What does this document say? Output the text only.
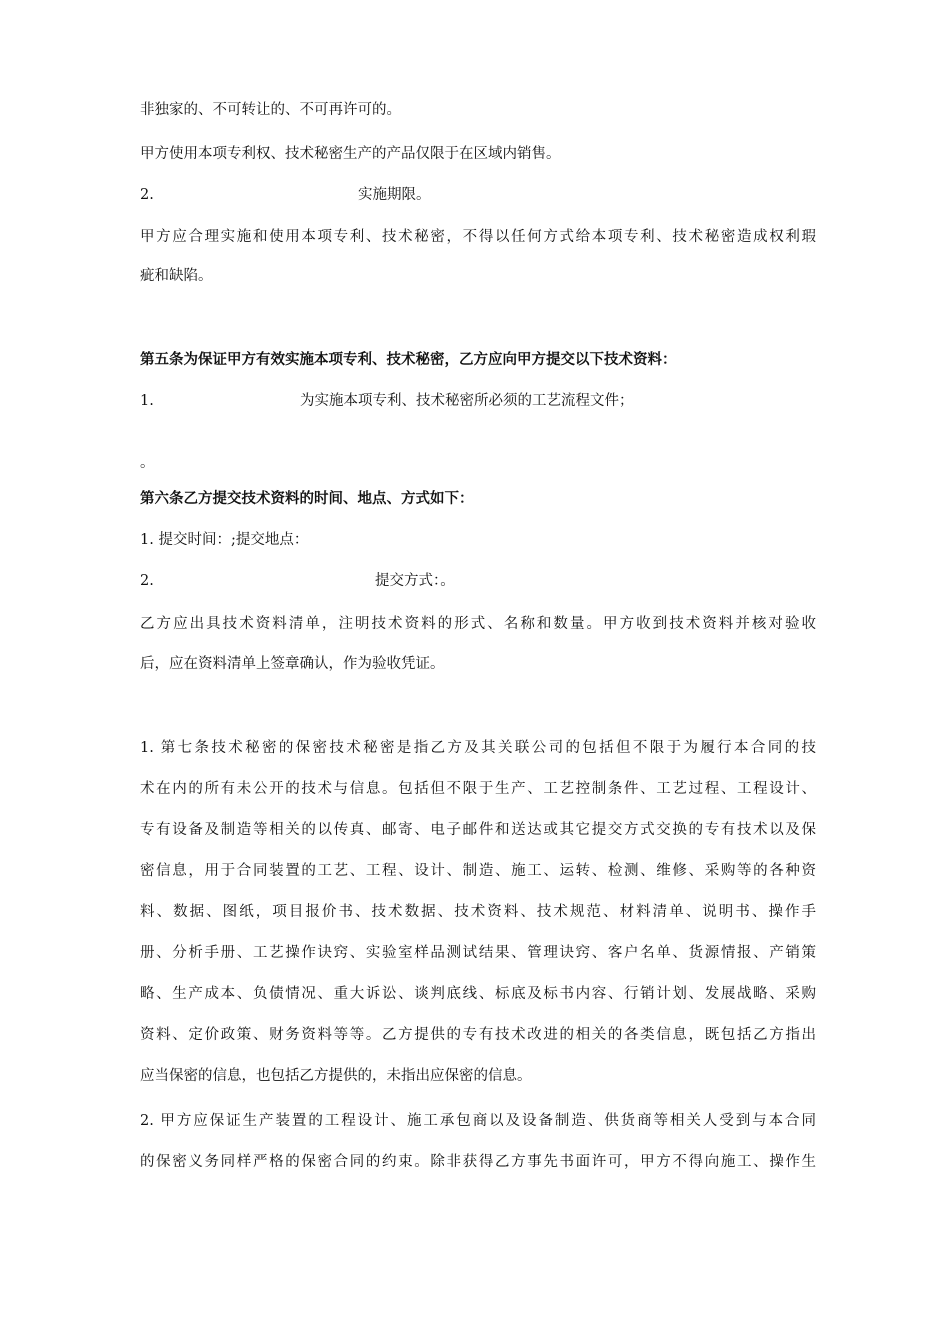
非独家的、不可转让的、不可再许可的。
甲方使用本项专利权、技术秘密生产的产品仅限于在区域内销售。
2.	实施期限。
甲方应合理实施和使用本项专利、技术秘密，不得以任何方式给本项专利、技术秘密造成权利瑕
疵和缺陷。
第五条为保证甲方有效实施本项专利、技术秘密，乙方应向甲方提交以下技术资料：
1.	为实施本项专利、技术秘密所必须的工艺流程文件；
。
第六条乙方提交技术资料的时间、地点、方式如下：
1. 提交时间：;提交地点：
2.	提交方式：。
乙方应出具技术资料清单，注明技术资料的形式、名称和数量。甲方收到技术资料并核对验收
后，应在资料清单上签章确认，作为验收凭证。
1. 第七条技术秘密的保密技术秘密是指乙方及其关联公司的包括但不限于为履行本合同的技
术在内的所有未公开的技术与信息。包括但不限于生产、工艺控制条件、工艺过程、工程设计、
专有设备及制造等相关的以传真、邮寄、电子邮件和送达或其它提交方式交换的专有技术以及保
密信息，用于合同装置的工艺、工程、设计、制造、施工、运转、检测、维修、采购等的各种资
料、数据、图纸，项目报价书、技术数据、技术资料、技术规范、材料清单、说明书、操作手
册、分析手册、工艺操作诀窍、实验室样品测试结果、管理诀窍、客户名单、货源情报、产销策
略、生产成本、负债情况、重大诉讼、谈判底线、标底及标书内容、行销计划、发展战略、采购
资料、定价政策、财务资料等等。乙方提供的专有技术改进的相关的各类信息，既包括乙方指出
应当保密的信息，也包括乙方提供的，未指出应保密的信息。
2. 甲方应保证生产装置的工程设计、施工承包商以及设备制造、供货商等相关人受到与本合同
的保密义务同样严格的保密合同的约束。除非获得乙方事先书面许可，甲方不得向施工、操作生
